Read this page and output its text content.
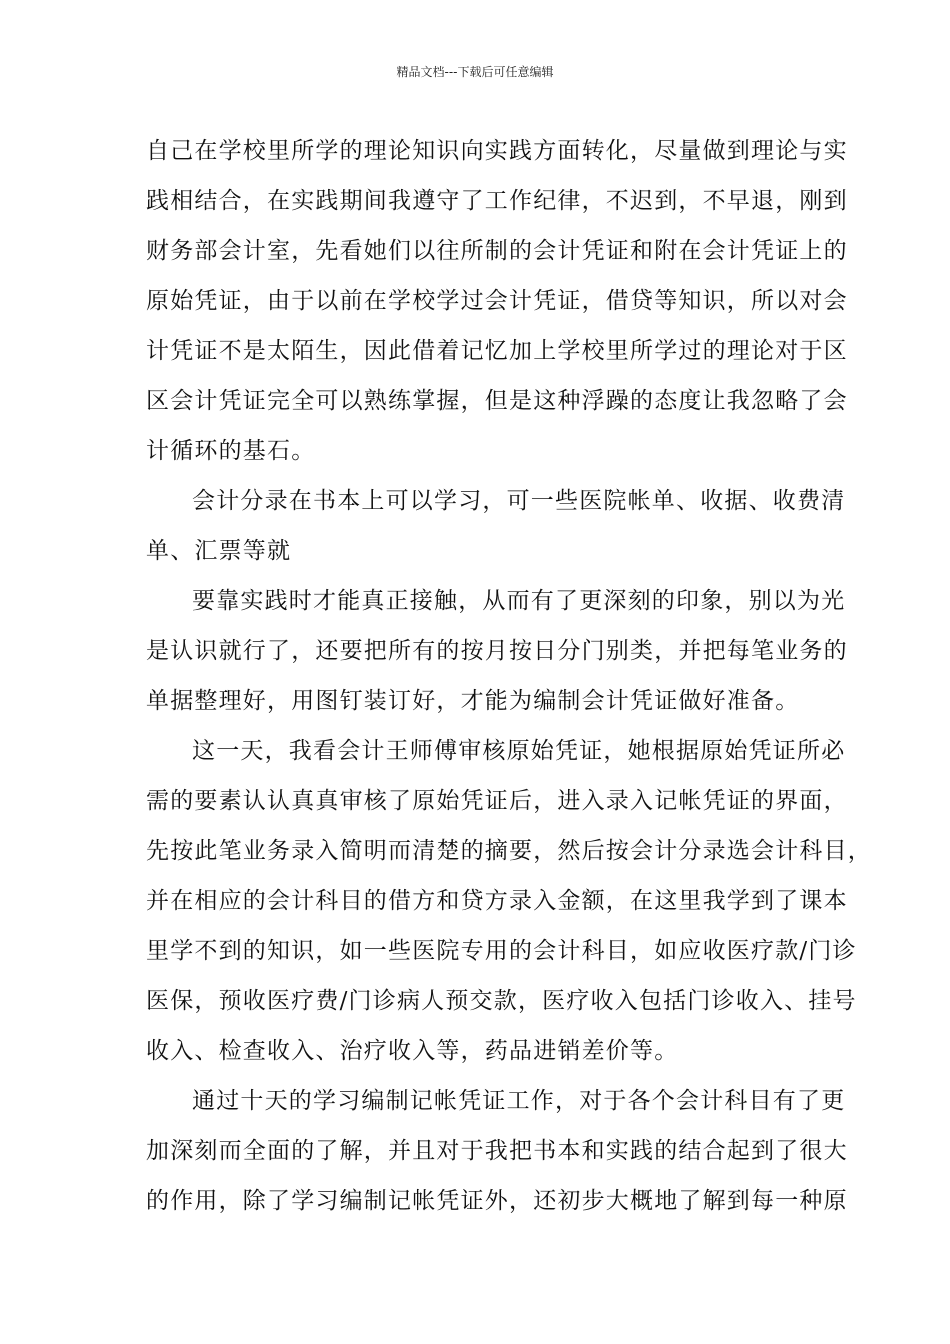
精品文档---下载后可任意编辑
自己在学校里所学的理论知识向实践方面转化，尽量做到理论与实
践相结合，在实践期间我遵守了工作纪律，不迟到，不早退，刚到
财务部会计室，先看她们以往所制的会计凭证和附在会计凭证上的
原始凭证，由于以前在学校学过会计凭证，借贷等知识，所以对会
计凭证不是太陌生，因此借着记忆加上学校里所学过的理论对于区
区会计凭证完全可以熟练掌握，但是这种浮躁的态度让我忽略了会
计循环的基石。
会计分录在书本上可以学习，可一些医院帐单、收据、收费清
单、汇票等就
要靠实践时才能真正接触，从而有了更深刻的印象，别以为光
是认识就行了，还要把所有的按月按日分门别类，并把每笔业务的
单据整理好，用图钉装订好，才能为编制会计凭证做好准备。
这一天，我看会计王师傅审核原始凭证，她根据原始凭证所必
需的要素认认真真审核了原始凭证后，进入录入记帐凭证的界面，
先按此笔业务录入简明而清楚的摘要，然后按会计分录选会计科目，
并在相应的会计科目的借方和贷方录入金额，在这里我学到了课本
里学不到的知识，如一些医院专用的会计科目，如应收医疗款/门诊
医保，预收医疗费/门诊病人预交款，医疗收入包括门诊收入、挂号
收入、检查收入、治疗收入等，药品进销差价等。
通过十天的学习编制记帐凭证工作，对于各个会计科目有了更
加深刻而全面的了解，并且对于我把书本和实践的结合起到了很大
的作用，除了学习编制记帐凭证外，还初步大概地了解到每一种原
